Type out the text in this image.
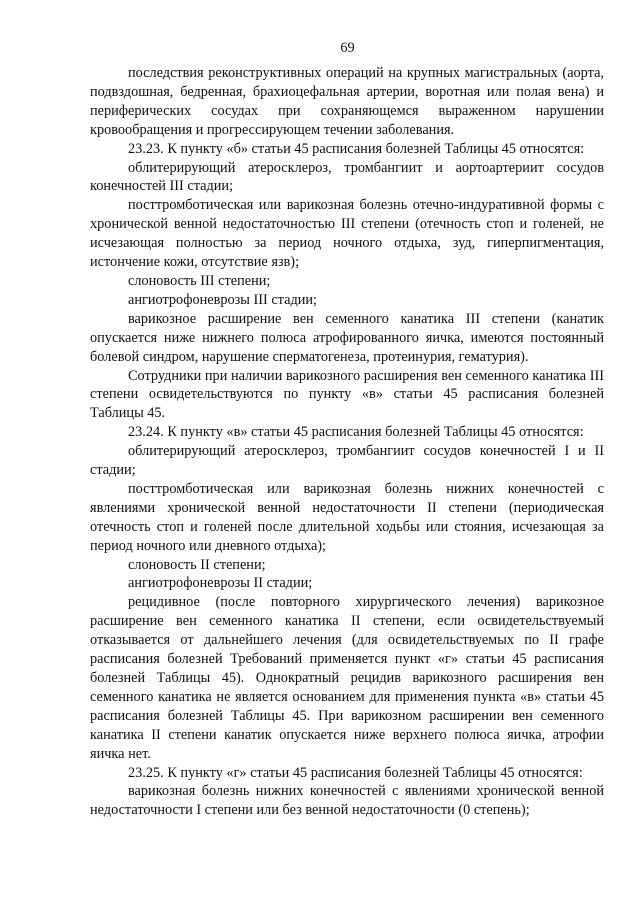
69

последствия реконструктивных операций на крупных магистральных (аорта, подвздошная, бедренная, брахиоцефальная артерии, воротная или полая вена) и периферических сосудах при сохраняющемся выраженном нарушении кровообращения и прогрессирующем течении заболевания.

23.23. К пункту «б» статьи 45 расписания болезней Таблицы 45 относятся:

облитерирующий атеросклероз, тромбангиит и аортоартериит сосудов конечностей III стадии;

посттромботическая или варикозная болезнь отечно-индуративной формы с хронической венной недостаточностью III степени (отечность стоп и голеней, не исчезающая полностью за период ночного отдыха, зуд, гиперпигментация, истончение кожи, отсутствие язв);

слоновость III степени;

ангиотрофоневрозы III стадии;

варикозное расширение вен семенного канатика III степени (канатик опускается ниже нижнего полюса атрофированного яичка, имеются постоянный болевой синдром, нарушение сперматогенеза, протеинурия, гематурия).

Сотрудники при наличии варикозного расширения вен семенного канатика III степени освидетельствуются по пункту «в» статьи 45 расписания болезней Таблицы 45.

23.24. К пункту «в» статьи 45 расписания болезней Таблицы 45 относятся:

облитерирующий атеросклероз, тромбангиит сосудов конечностей I и II стадии;

посттромботическая или варикозная болезнь нижних конечностей с явлениями хронической венной недостаточности II степени (периодическая отечность стоп и голеней после длительной ходьбы или стояния, исчезающая за период ночного или дневного отдыха);

слоновость II степени;

ангиотрофоневрозы II стадии;

рецидивное (после повторного хирургического лечения) варикозное расширение вен семенного канатика II степени, если освидетельствуемый отказывается от дальнейшего лечения (для освидетельствуемых по II графе расписания болезней Требований применяется пункт «г» статьи 45 расписания болезней Таблицы 45). Однократный рецидив варикозного расширения вен семенного канатика не является основанием для применения пункта «в» статьи 45 расписания болезней Таблицы 45. При варикозном расширении вен семенного канатика II степени канатик опускается ниже верхнего полюса яичка, атрофии яичка нет.

23.25. К пункту «г» статьи 45 расписания болезней Таблицы 45 относятся:

варикозная болезнь нижних конечностей с явлениями хронической венной недостаточности I степени или без венной недостаточности (0 степень);
